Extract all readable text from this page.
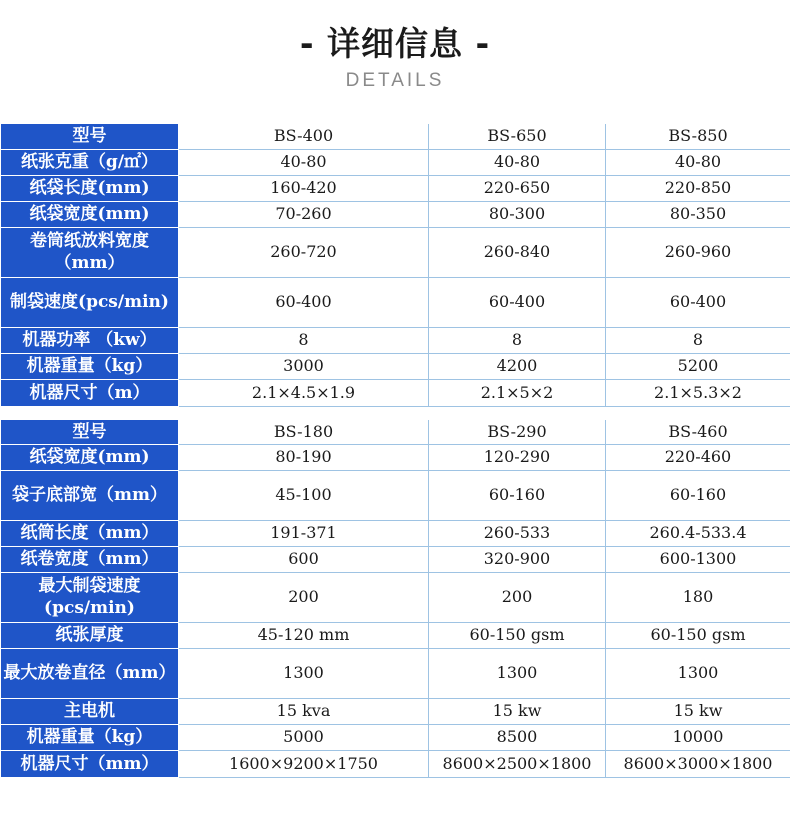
- 详细信息 -
DETAILS
型号	BS-400	BS-650	BS-850
纸张克重（g/㎡）	40-80	40-80	40-80
纸袋长度(mm)	160-420	220-650	220-850
纸袋宽度(mm)	70-260	80-300	80-350
卷筒纸放料宽度（mm）	260-720	260-840	260-960
制袋速度(pcs/min)	60-400	60-400	60-400
机器功率 （kw）	8	8	8
机器重量（kg）	3000	4200	5200
机器尺寸（m）	2.1×4.5×1.9	2.1×5×2	2.1×5.3×2
型号	BS-180	BS-290	BS-460
纸袋宽度(mm)	80-190	120-290	220-460
袋子底部宽（mm）	45-100	60-160	60-160
纸筒长度（mm）	191-371	260-533	260.4-533.4
纸卷宽度（mm）	600	320-900	600-1300
最大制袋速度(pcs/min)	200	200	180
纸张厚度	45-120 mm	60-150 gsm	60-150 gsm
最大放卷直径（mm）	1300	1300	1300
主电机	15 kva	15 kw	15 kw
机器重量（kg）	5000	8500	10000
机器尺寸（mm）	1600×9200×1750	8600×2500×1800	8600×3000×1800
